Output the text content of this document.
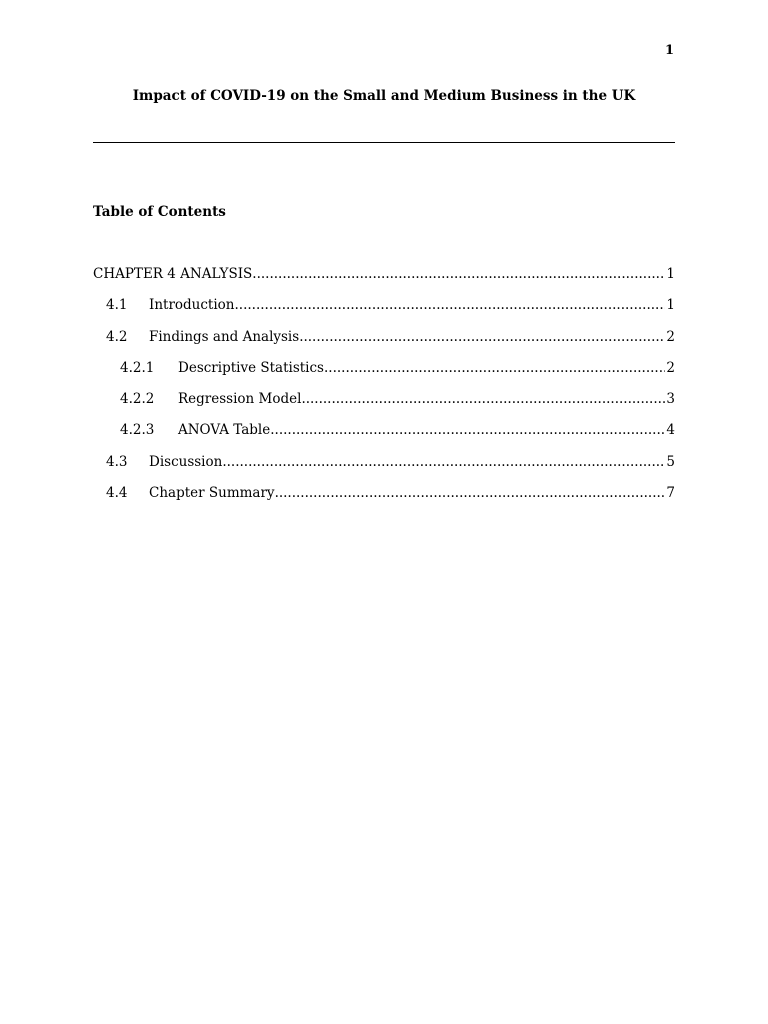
1
Impact of COVID-19 on the Small and Medium Business in the UK
Table of Contents
CHAPTER 4 ANALYSIS .....	1
4.1	Introduction .....	1
4.2	Findings and Analysis .....	2
4.2.1	Descriptive Statistics .....	2
4.2.2	Regression Model .....	3
4.2.3	ANOVA Table .....	4
4.3	Discussion .....	5
4.4	Chapter Summary .....	7
